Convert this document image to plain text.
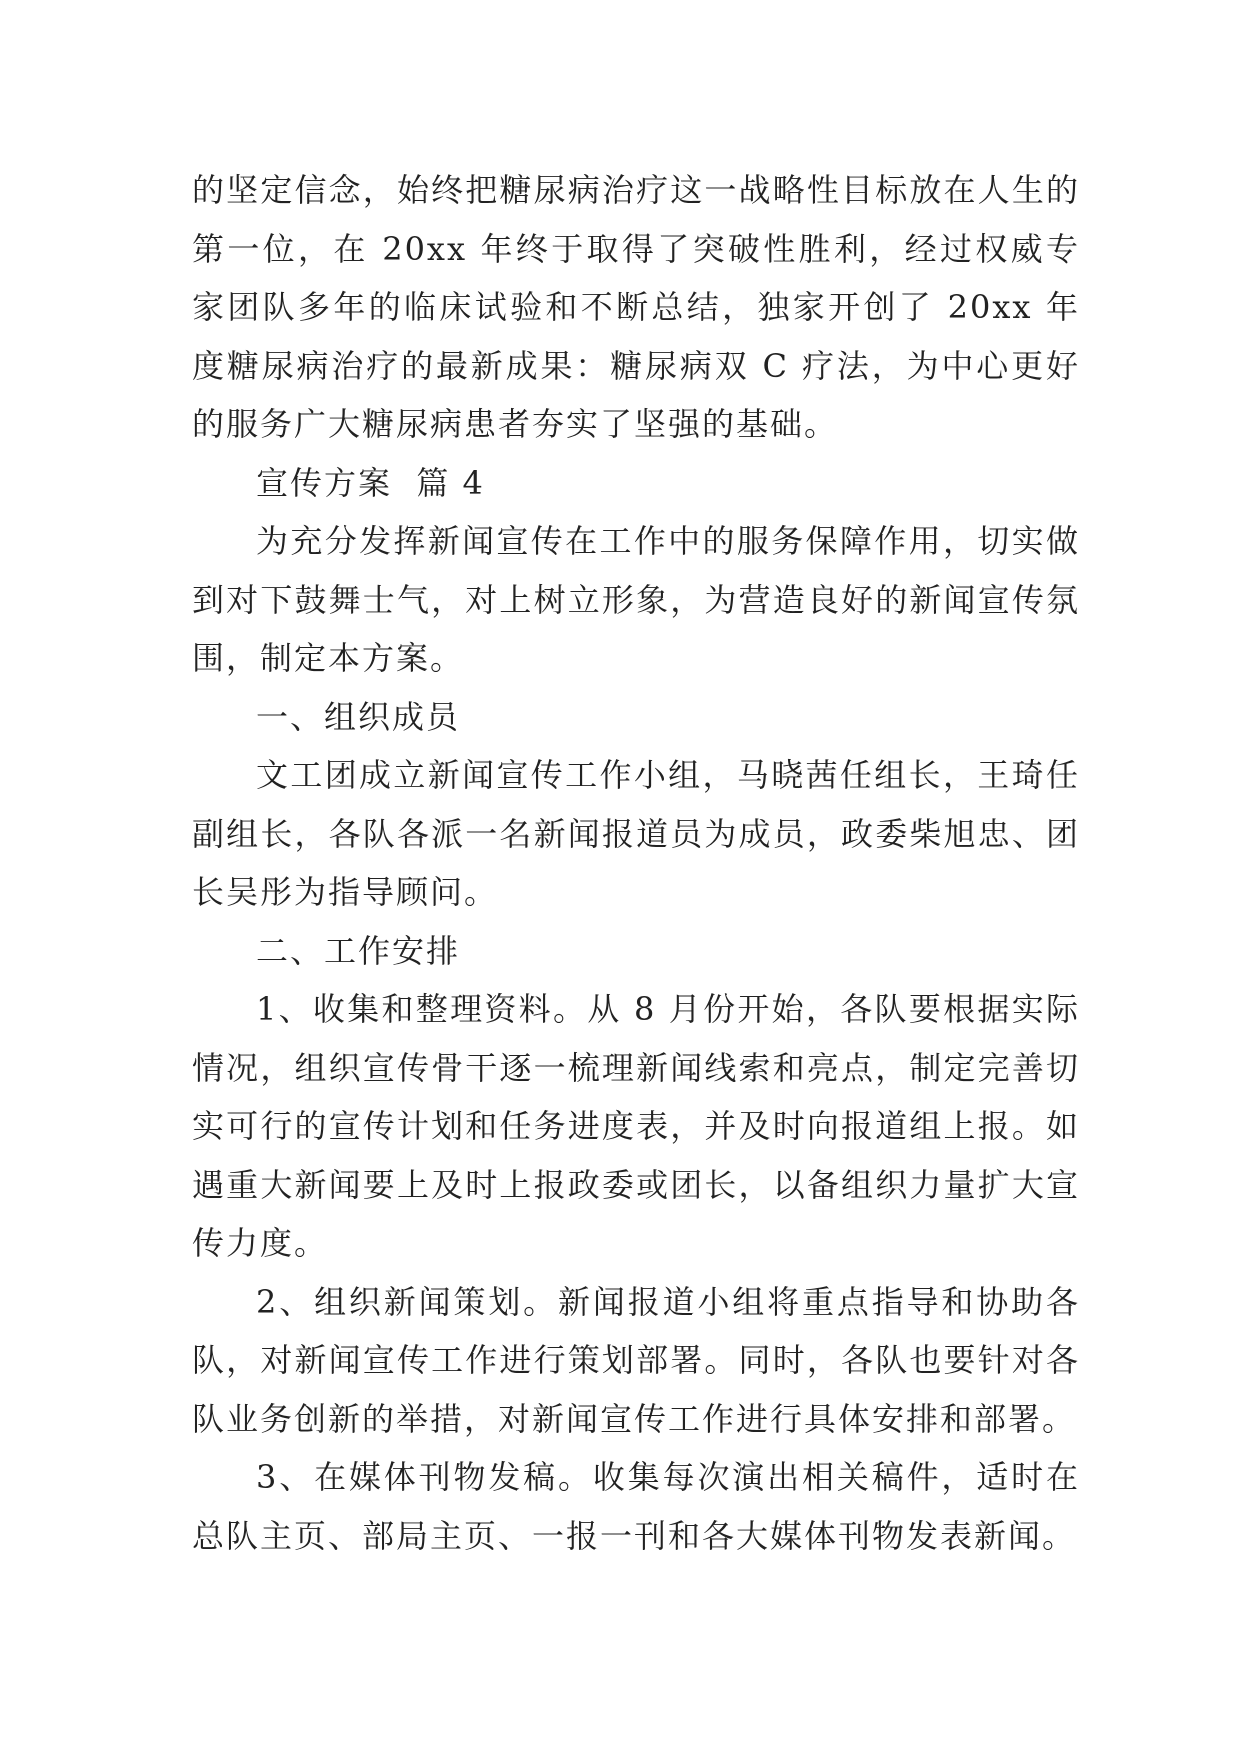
的坚定信念，始终把糖尿病治疗这一战略性目标放在人生的第一位，在 20xx 年终于取得了突破性胜利，经过权威专家团队多年的临床试验和不断总结，独家开创了 20xx 年度糖尿病治疗的最新成果：糖尿病双 C 疗法，为中心更好的服务广大糖尿病患者夯实了坚强的基础。

宣传方案  篇 4

为充分发挥新闻宣传在工作中的服务保障作用，切实做到对下鼓舞士气，对上树立形象，为营造良好的新闻宣传氛围，制定本方案。

一、组织成员

文工团成立新闻宣传工作小组，马晓茜任组长，王琦任副组长，各队各派一名新闻报道员为成员，政委柴旭忠、团长吴彤为指导顾问。

二、工作安排

1、收集和整理资料。从 8 月份开始，各队要根据实际情况，组织宣传骨干逐一梳理新闻线索和亮点，制定完善切实可行的宣传计划和任务进度表，并及时向报道组上报。如遇重大新闻要上及时上报政委或团长，以备组织力量扩大宣传力度。

2、组织新闻策划。新闻报道小组将重点指导和协助各队，对新闻宣传工作进行策划部署。同时，各队也要针对各队业务创新的举措，对新闻宣传工作进行具体安排和部署。

3、在媒体刊物发稿。收集每次演出相关稿件，适时在总队主页、部局主页、一报一刊和各大媒体刊物发表新闻。
